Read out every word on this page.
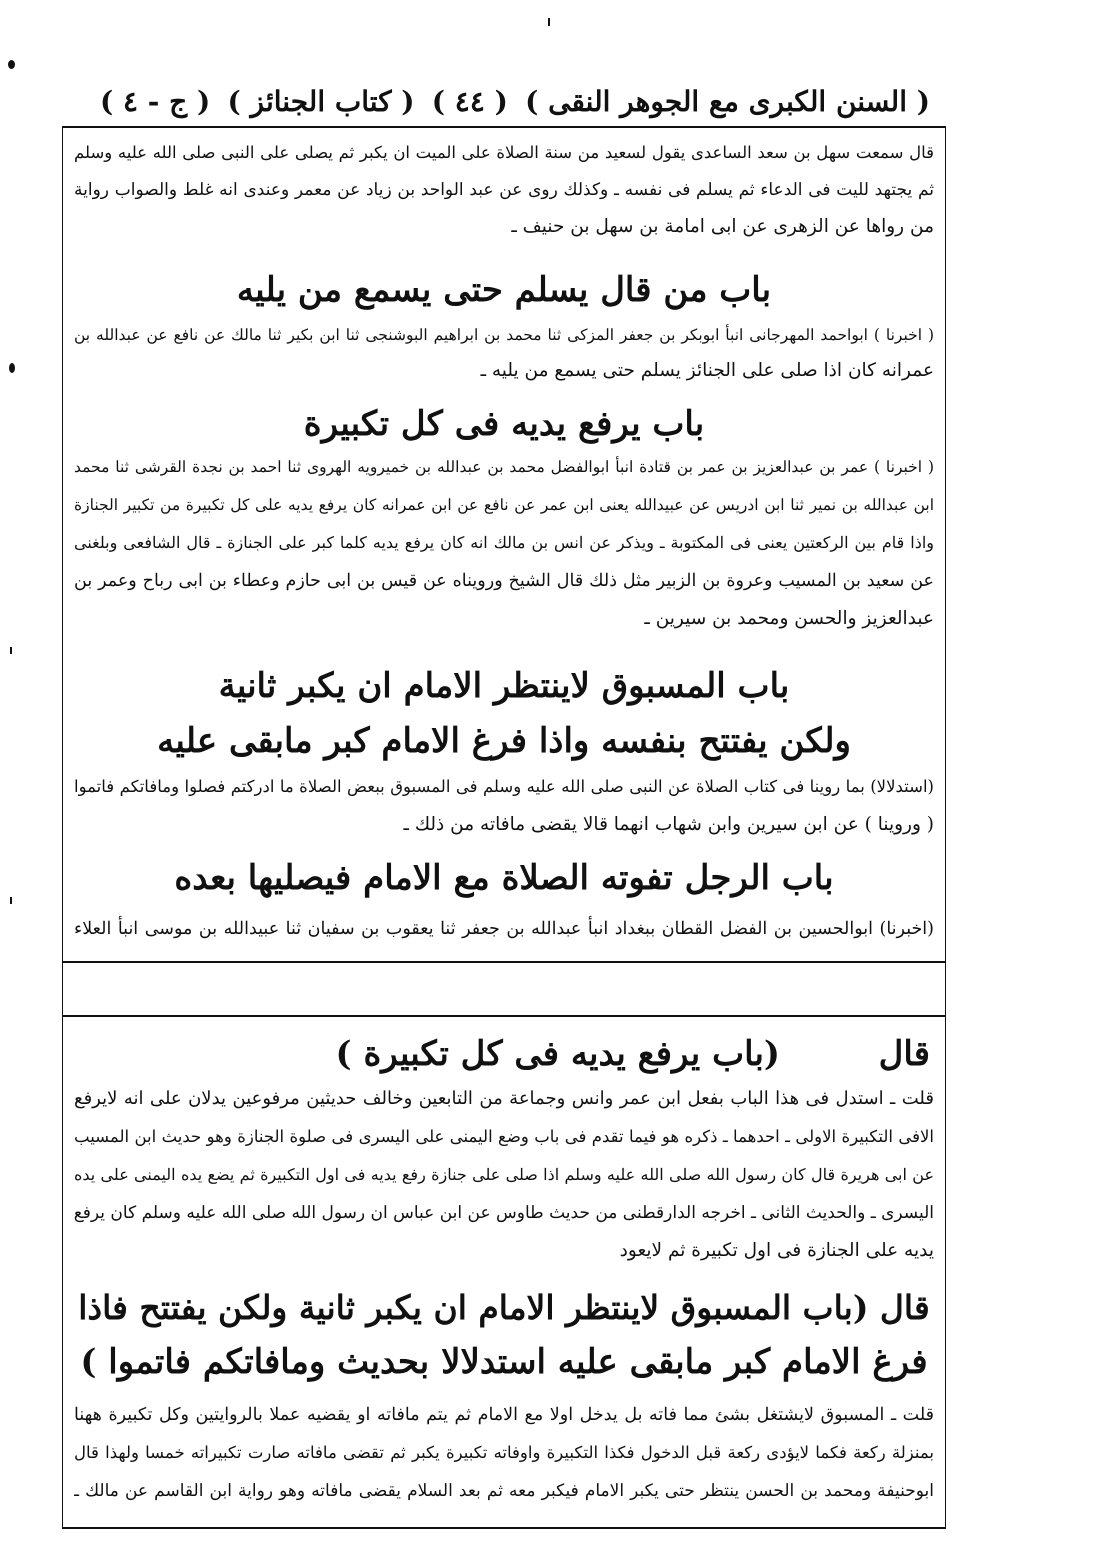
( السنن الكبرى مع الجوهر النقى )
( ٤٤ )
( كتاب الجنائز )
( ج - ٤ )
قال سمعت سهل بن سعد الساعدى يقول لسعيد من سنة الصلاة على الميت ان يكبر ثم يصلى على النبى صلى الله عليه وسلم
ثم يجتهد لليت فى الدعاء ثم يسلم فى نفسه ـ وكذلك روى عن عبد الواحد بن زياد عن معمر وعندى انه غلط والصواب رواية
من رواها عن الزهرى عن ابى امامة بن سهل بن حنيف ـ
باب من قال يسلم حتى يسمع من يليه
( اخبرنا ) ابواحمد المهرجانى انبأ ابوبكر بن جعفر المزكى ثنا محمد بن ابراهيم البوشنجى ثنا ابن بكير ثنا مالك عن نافع عن عبدالله بن
عمرانه كان اذا صلى على الجنائز يسلم حتى يسمع من يليه ـ
باب يرفع يديه فى كل تكبيرة
( اخبرنا ) عمر بن عبدالعزيز بن عمر بن قتادة انبأ ابوالفضل محمد بن عبدالله بن خميرويه الهروى ثنا احمد بن نجدة القرشى ثنا محمد
ابن عبدالله بن نمير ثنا ابن ادريس عن عبيدالله يعنى ابن عمر عن نافع عن ابن عمرانه كان يرفع يديه على كل تكبيرة من تكبير الجنازة
واذا قام بين الركعتين يعنى فى المكتوبة ـ ويذكر عن انس بن مالك انه كان يرفع يديه كلما كبر على الجنازة ـ قال الشافعى وبلغنى
عن سعيد بن المسيب وعروة بن الزبير مثل ذلك قال الشيخ ورويناه عن قيس بن ابى حازم وعطاء بن ابى رباح وعمر بن
عبدالعزيز والحسن ومحمد بن سيرين ـ
باب المسبوق لاينتظر الامام ان يكبر ثانية
ولكن يفتتح بنفسه واذا فرغ الامام كبر مابقى عليه
(استدلالا) بما روينا فى كتاب الصلاة عن النبى صلى الله عليه وسلم فى المسبوق ببعض الصلاة ما ادركتم فصلوا ومافاتكم فاتموا
( وروينا ) عن ابن سيرين وابن شهاب انهما قالا يقضى مافاته من ذلك ـ
باب الرجل تفوته الصلاة مع الامام فيصليها بعده
(اخبرنا) ابوالحسين بن الفضل القطان ببغداد انبأ عبدالله بن جعفر ثنا يعقوب بن سفيان ثنا عبيدالله بن موسى انبأ العلاء
قال
(باب يرفع يديه فى كل تكبيرة )
قلت ـ استدل فى هذا الباب بفعل ابن عمر وانس وجماعة من التابعين وخالف حديثين مرفوعين يدلان على انه لايرفع
الافى التكبيرة الاولى ـ احدهما ـ ذكره هو فيما تقدم فى باب وضع اليمنى على اليسرى فى صلوة الجنازة وهو حديث ابن المسيب
عن ابى هريرة قال كان رسول الله صلى الله عليه وسلم اذا صلى على جنازة رفع يديه فى اول التكبيرة ثم يضع يده اليمنى على يده
اليسرى ـ والحديث الثانى ـ اخرجه الدارقطنى من حديث طاوس عن ابن عباس ان رسول الله صلى الله عليه وسلم كان يرفع
يديه على الجنازة فى اول تكبيرة ثم لايعود
قال (باب المسبوق لاينتظر الامام ان يكبر ثانية ولكن يفتتح فاذا
فرغ الامام كبر مابقى عليه استدلالا بحديث ومافاتكم فاتموا )
قلت ـ المسبوق لايشتغل بشئ مما فاته بل يدخل اولا مع الامام ثم يتم مافاته او يقضيه عملا بالروايتين وكل تكبيرة ههنا
بمنزلة ركعة فكما لايؤدى ركعة قبل الدخول فكذا التكبيرة واوفاته تكبيرة يكبر ثم تقضى مافاته صارت تكبيراته خمسا ولهذا قال
ابوحنيفة ومحمد بن الحسن ينتظر حتى يكبر الامام فيكبر معه ثم بعد السلام يقضى مافاته وهو رواية ابن القاسم عن مالك ـ
